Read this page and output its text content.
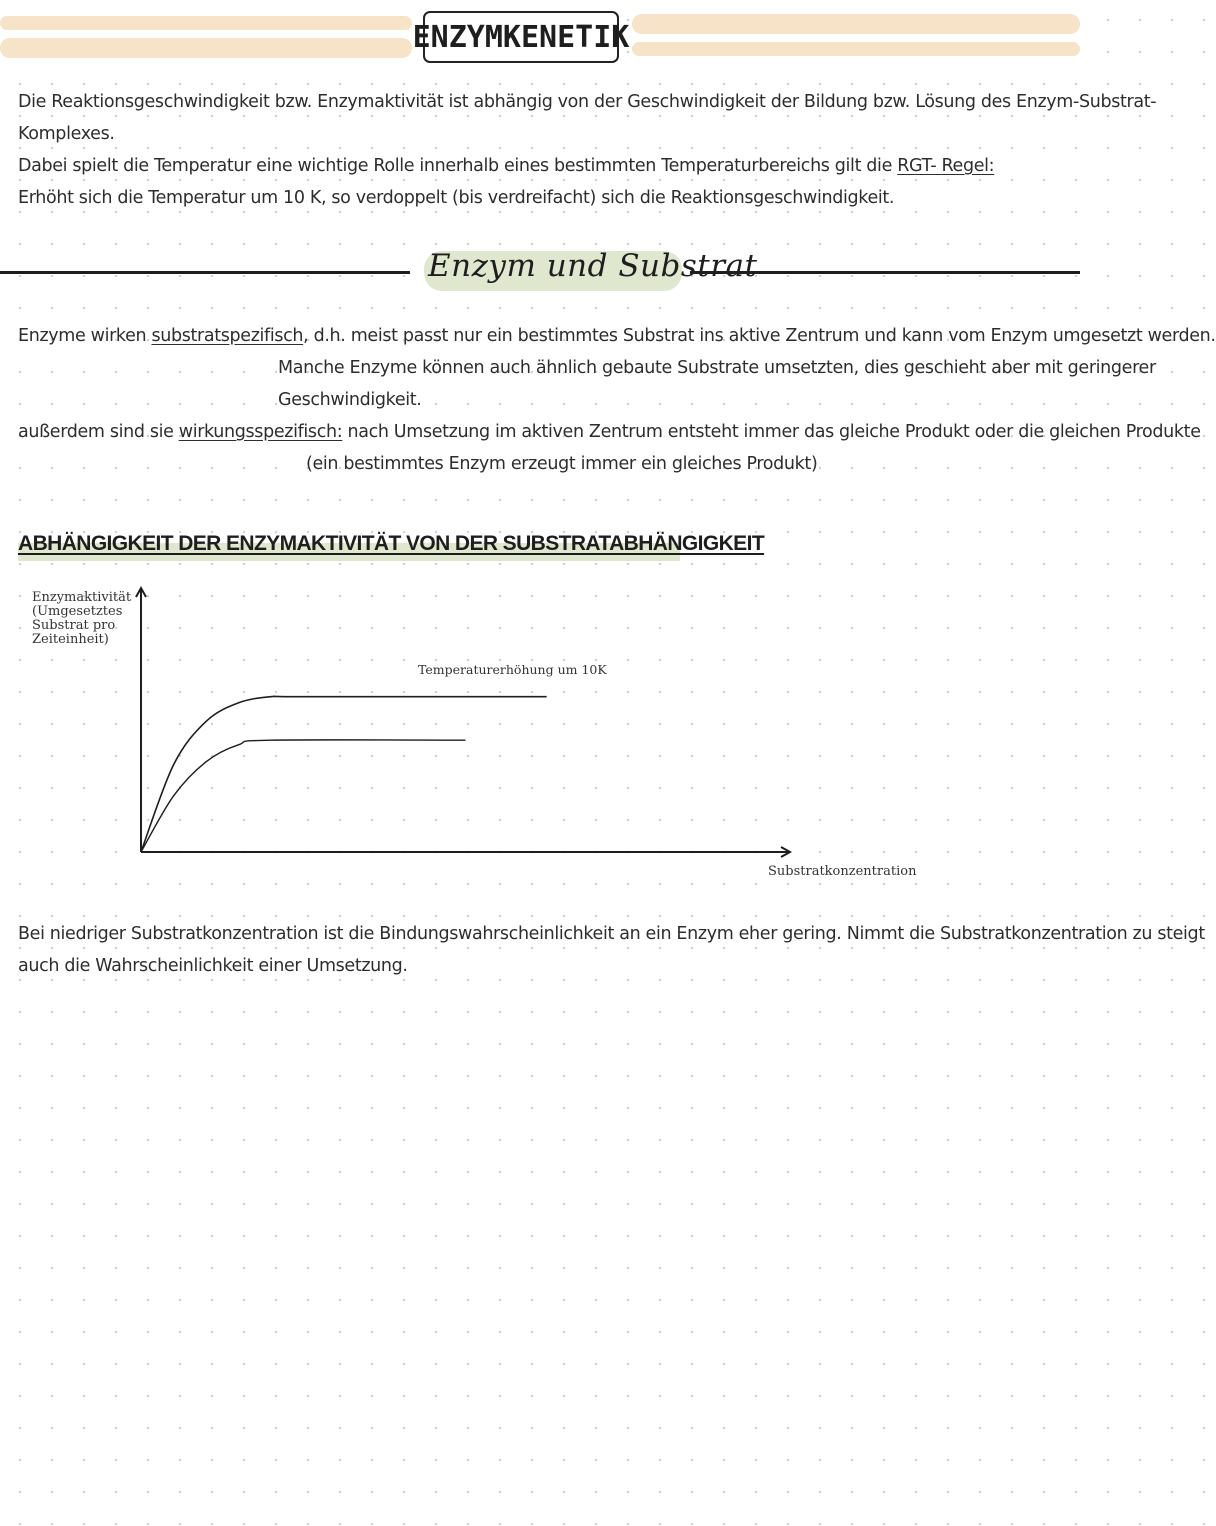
ENZYMKENETIK
Die Reaktionsgeschwindigkeit bzw. Enzymaktivität ist abhängig von der Geschwindigkeit der Bildung bzw. Lösung des Enzym-Substrat-
Komplexes.
Dabei spielt die Temperatur eine wichtige Rolle innerhalb eines bestimmten Temperaturbereichs gilt die RGT- Regel:
Erhöht sich die Temperatur um 10 K, so verdoppelt (bis verdreifacht) sich die Reaktionsgeschwindigkeit.
Enzym und Substrat
Enzyme wirken substratspezifisch, d.h. meist passt nur ein bestimmtes Substrat ins aktive Zentrum und kann vom Enzym umgesetzt werden.
Manche Enzyme können auch ähnlich gebaute Substrate umsetzten, dies geschieht aber mit geringerer
Geschwindigkeit.
außerdem sind sie wirkungsspezifisch: nach Umsetzung im aktiven Zentrum entsteht immer das gleiche Produkt oder die gleichen Produkte
(ein bestimmtes Enzym erzeugt immer ein gleiches Produkt)
ABHÄNGIGKEIT DER ENZYMAKTIVITÄT VON DER SUBSTRATABHÄNGIGKEIT
Enzymaktivität
(Umgesetztes
Substrat pro
Zeiteinheit)
Temperaturerhöhung um 10K
Substratkonzentration
Bei niedriger Substratkonzentration ist die Bindungswahrscheinlichkeit an ein Enzym eher gering. Nimmt die Substratkonzentration zu steigt
auch die Wahrscheinlichkeit einer Umsetzung.
